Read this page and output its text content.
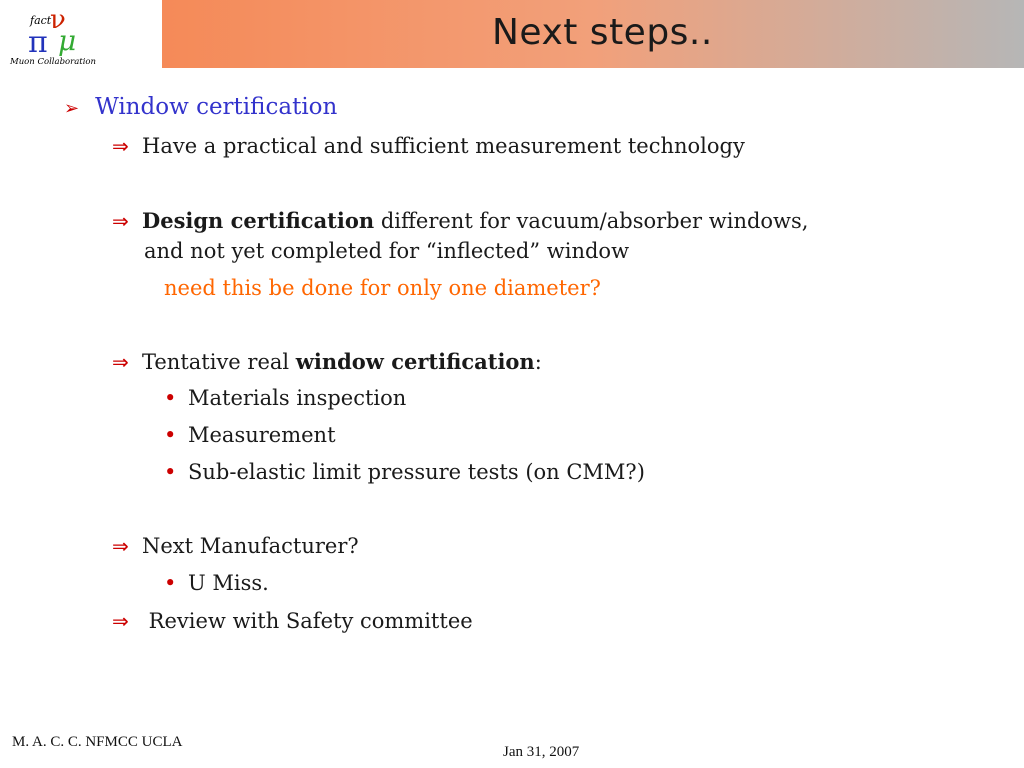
fact
ν
π μ
Muon Collaboration
Next steps..
➢ Window certification
⇒ Have a practical and sufficient measurement technology
⇒ Design certification different for vacuum/absorber windows,
and not yet completed for “inflected” window
need this be done for only one diameter?
⇒ Tentative real window certification:
• Materials inspection
• Measurement
• Sub-elastic limit pressure tests (on CMM?)
⇒ Next Manufacturer?
• U Miss.
⇒ Review with Safety committee
M. A. C. C. NFMCC UCLA
Jan 31, 2007
